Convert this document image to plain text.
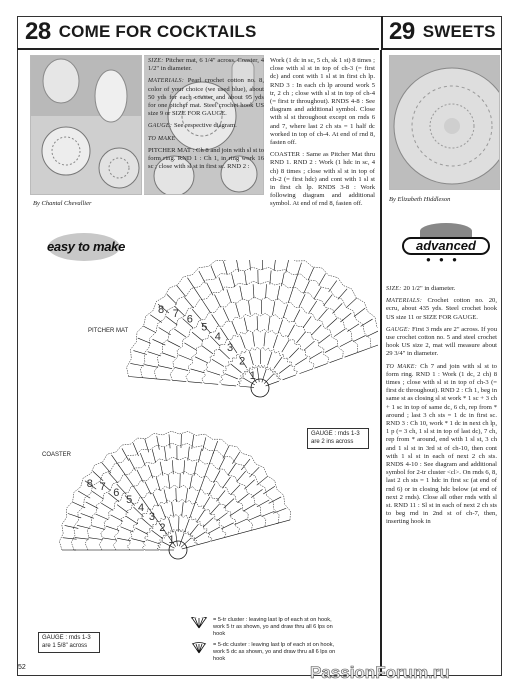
28 COME FOR COCKTAILS	29 SWEETS
By Chantal Chevallier
By Elizabeth Hiddleson
easy to make	advanced
● ● ●

SIZE : Pitcher mat, 6 1/4" across. Coaster, 4 1/2" in diameter.

MATERIALS : Pearl crochet cotton no. 8, color of your choice (we used blue), about 50 yds for each coaster and about 95 yds for one pitcher mat. Steel crochet hook US size 9 or SIZE FOR GAUGE.

GAUGE : See respective diagram.

TO MAKE

PITCHER MAT : Ch 8 and join with sl st to form ring. RND 1 : Ch 1, in ring work 16 sc ; close with sl st in first sc. RND 2 :

Work (1 dc in sc, 5 ch, sk 1 st) 8 times ; close with sl st in top of ch-3 (= first dc) and cont with 1 sl st in first ch lp. RND 3 : In each ch lp around work 5 tr, 2 ch ; close with sl st in top of ch-4 (= first tr throughout). RNDS 4-8 : See diagram and additional symbol. Close with sl st throughout except on rnds 6 and 7, where last 2 ch sts = 1 half dc worked in top of ch-4. At end of rnd 8, fasten off.

COASTER : Same as Pitcher Mat thru RND 1. RND 2 : Work (1 hdc in sc, 4 ch) 8 times ; close with sl st in top of ch-2 (= first hdc) and cont with 1 sl st in first ch lp. RNDS 3-8 : Work following diagram and additional symbol. At end of rnd 8, fasten off.

SIZE : 20 1/2" in diameter.

MATERIALS : Crochet cotton no. 20, ecru, about 435 yds. Steel crochet hook US size 11 or SIZE FOR GAUGE.

GAUGE : First 3 rnds are 2" across. If you use crochet cotton no. 5 and steel crochet hook US size 2, mat will measure about 29 3/4" in diameter.

TO MAKE : Ch 7 and join with sl st to form ring. RND 1 : Work (1 dc, 2 ch) 8 times ; close with sl st in top of ch-3 (= first dc throughout). RND 2 : Ch 1, beg in same st as closing sl st work * 1 sc + 3 ch + 1 sc in top of same dc, 6 ch, rep from * around ; last 3 ch sts = 1 dc in first sc. RND 3 : Ch 10, work * 1 dc in next ch lp, 1 p (= 3 ch, 1 sl st in top of last dc), 7 ch, rep from * around, end with 1 sl st, 3 ch and 1 sl st in 3rd st of ch-10, then cont with 1 sl st in each of next 2 ch sts. RNDS 4-10 : See diagram and additional symbol for 2-tr cluster <cl>. On rnds 6, 8, last 2 ch sts = 1 hdc in first sc (at end of rnd 6) or in closing hdc below (at end of next 2 rnds). Close all other rnds with sl st. RND 11 : Sl st in each of next 2 ch sts to beg rnd in 2nd st of ch-7, then, inserting hook in

1
2
3
4
5
6
7
8
1
2
3
4
5
6
7
8
PITCHER MAT
COASTER
GAUGE : rnds 1-3 are 2 ins across
GAUGE : rnds 1-3 are 1 5/8" across
= 5-tr cluster : leaving last lp of each st on hook, work 5 tr as shown, yo and draw thru all 6 lps on hook
= 5-dc cluster : leaving last lp of each st on hook, work 5 dc as shown, yo and draw thru all 6 lps on hook
52	PassionForum.ru
